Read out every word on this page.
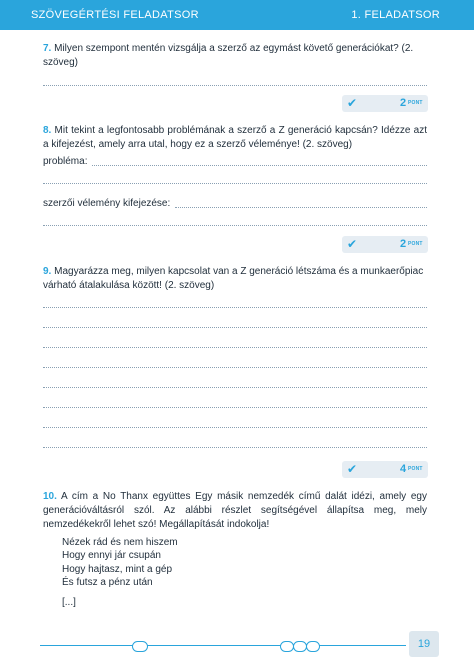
SZÖVEGÉRTÉSI FELADATSOR	1. FELADATSOR
7. Milyen szempont mentén vizsgálja a szerző az egymást követő generációkat? (2. szöveg)
✔	2 PONT
8. Mit tekint a legfontosabb problémának a szerző a Z generáció kapcsán? Idézze azt a kifejezést, amely arra utal, hogy ez a szerző véleménye! (2. szöveg)
probléma:
szerzői vélemény kifejezése:
✔	2 PONT
9. Magyarázza meg, milyen kapcsolat van a Z generáció létszáma és a munkaerőpiac várható átalakulása között! (2. szöveg)
✔	4 PONT
10. A cím a No Thanx együttes Egy másik nemzedék című dalát idézi, amely egy generációváltásról szól. Az alábbi részlet segítségével állapítsa meg, mely nemzedékekről lehet szó! Megállapítását indokolja!
Nézek rád és nem hiszem
Hogy ennyi jár csupán
Hogy hajtasz, mint a gép
És futsz a pénz után
[...]
19
